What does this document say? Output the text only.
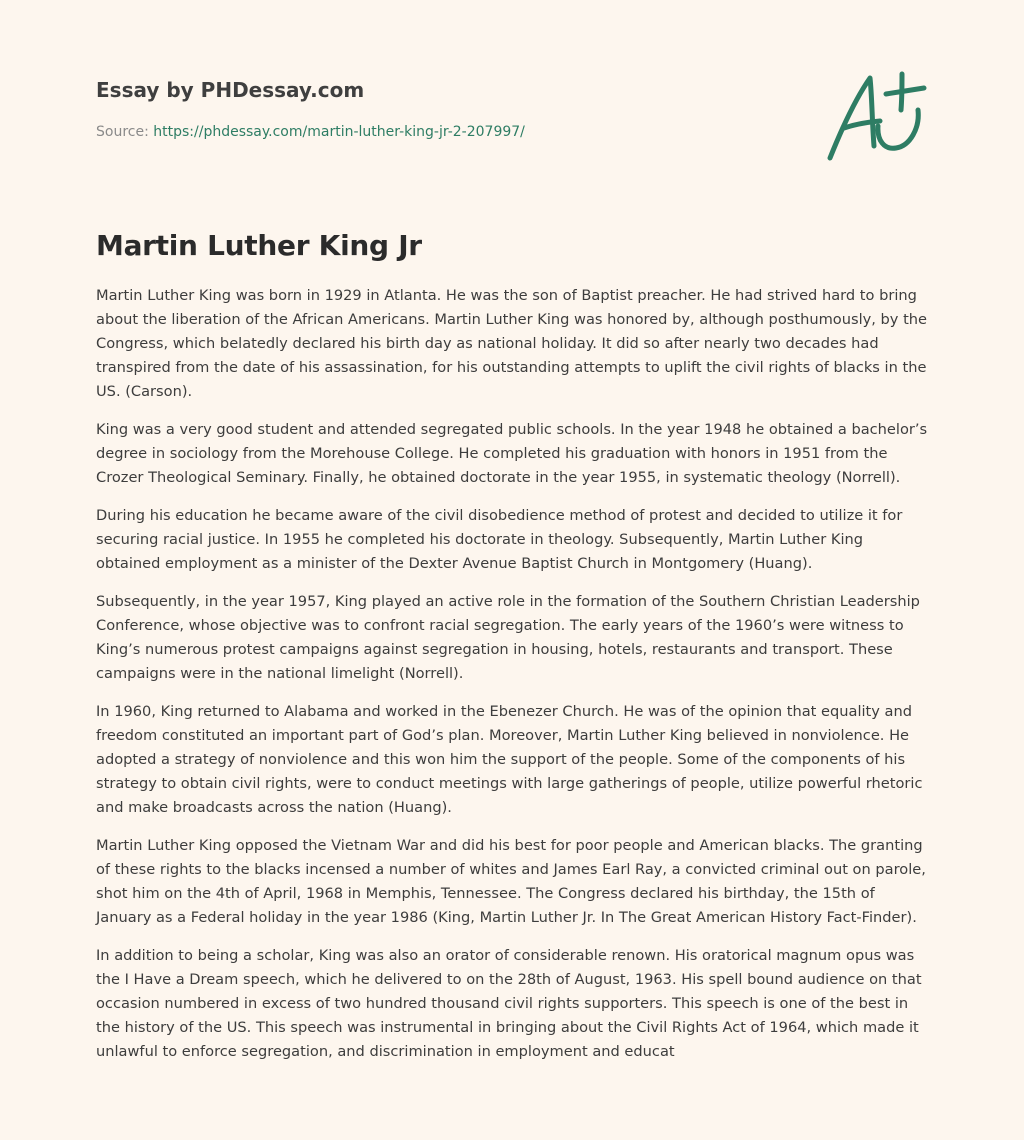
Essay by PHDessay.com
Source: https://phdessay.com/martin-luther-king-jr-2-207997/
Martin Luther King Jr

Martin Luther King was born in 1929 in Atlanta. He was the son of Baptist preacher. He had strived hard to bring about the liberation of the African Americans. Martin Luther King was honored by, although posthumously, by the Congress, which belatedly declared his birth day as national holiday. It did so after nearly two decades had transpired from the date of his assassination, for his outstanding attempts to uplift the civil rights of blacks in the US. (Carson).

King was a very good student and attended segregated public schools. In the year 1948 he obtained a bachelor’s degree in sociology from the Morehouse College. He completed his graduation with honors in 1951 from the Crozer Theological Seminary. Finally, he obtained doctorate in the year 1955, in systematic theology (Norrell).

During his education he became aware of the civil disobedience method of protest and decided to utilize it for securing racial justice. In 1955 he completed his doctorate in theology. Subsequently, Martin Luther King obtained employment as a minister of the Dexter Avenue Baptist Church in Montgomery (Huang).

Subsequently, in the year 1957, King played an active role in the formation of the Southern Christian Leadership Conference, whose objective was to confront racial segregation. The early years of the 1960’s were witness to King’s numerous protest campaigns against segregation in housing, hotels, restaurants and transport. These campaigns were in the national limelight (Norrell).

In 1960, King returned to Alabama and worked in the Ebenezer Church. He was of the opinion that equality and freedom constituted an important part of God’s plan. Moreover, Martin Luther King believed in nonviolence. He adopted a strategy of nonviolence and this won him the support of the people. Some of the components of his strategy to obtain civil rights, were to conduct meetings with large gatherings of people, utilize powerful rhetoric and make broadcasts across the nation (Huang).

Martin Luther King opposed the Vietnam War and did his best for poor people and American blacks. The granting of these rights to the blacks incensed a number of whites and James Earl Ray, a convicted criminal out on parole, shot him on the 4th of April, 1968 in Memphis, Tennessee. The Congress declared his birthday, the 15th of January as a Federal holiday in the year 1986 (King, Martin Luther Jr. In The Great American History Fact-Finder).

In addition to being a scholar, King was also an orator of considerable renown. His oratorical magnum opus was the I Have a Dream speech, which he delivered to on the 28th of August, 1963. His spell bound audience on that occasion numbered in excess of two hundred thousand civil rights supporters. This speech is one of the best in the history of the US. This speech was instrumental in bringing about the Civil Rights Act of 1964, which made it unlawful to enforce segregation, and discrimination in employment and educat
